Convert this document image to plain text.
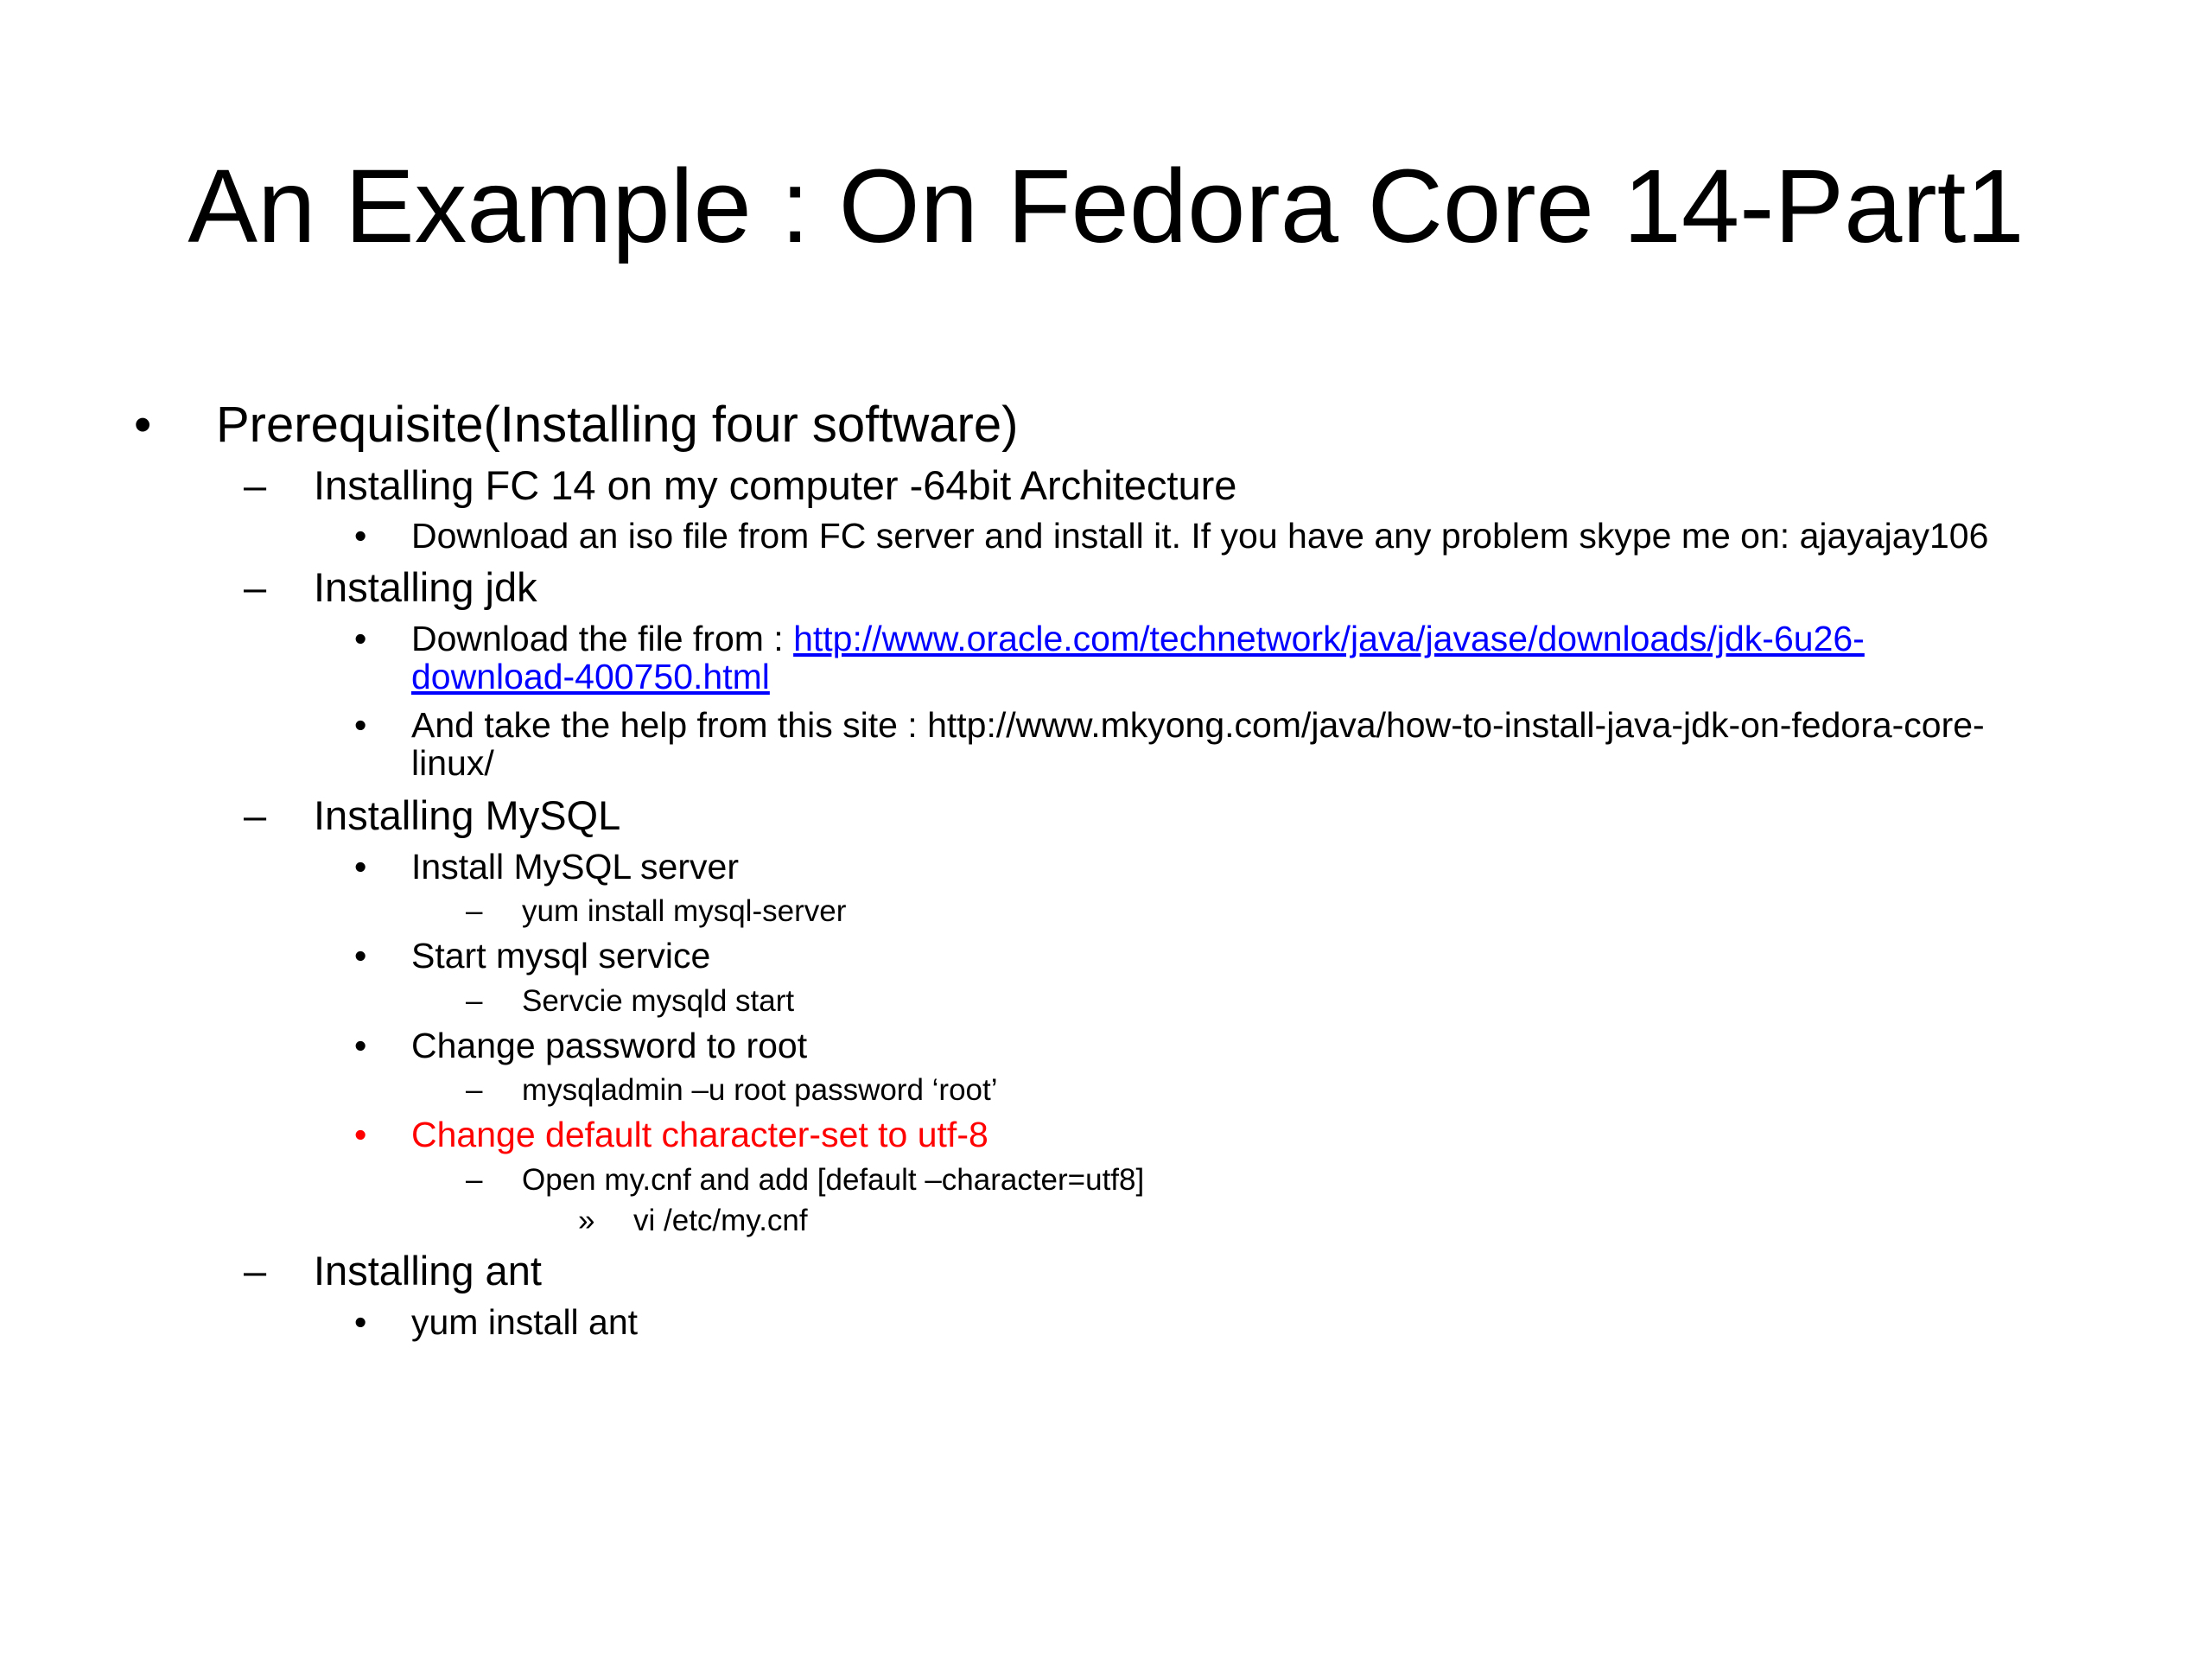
An Example : On Fedora Core 14-Part1
• Prerequisite(Installing four software)
– Installing FC 14 on my computer -64bit Architecture
• Download an iso file from FC server and install it. If you have any problem skype me on: ajayajay106
– Installing jdk
• Download the file from : http://www.oracle.com/technetwork/java/javase/downloads/jdk-6u26-
download-400750.html
• And take the help from this site : http://www.mkyong.com/java/how-to-install-java-jdk-on-fedora-core-
linux/
– Installing MySQL
• Install MySQL server
– yum install mysql-server
• Start mysql service
– Servcie mysqld start
• Change password to root
– mysqladmin –u root password ‘root’
• Change default character-set to utf-8
– Open my.cnf and add [default –character=utf8]
» vi /etc/my.cnf
– Installing ant
• yum install ant
